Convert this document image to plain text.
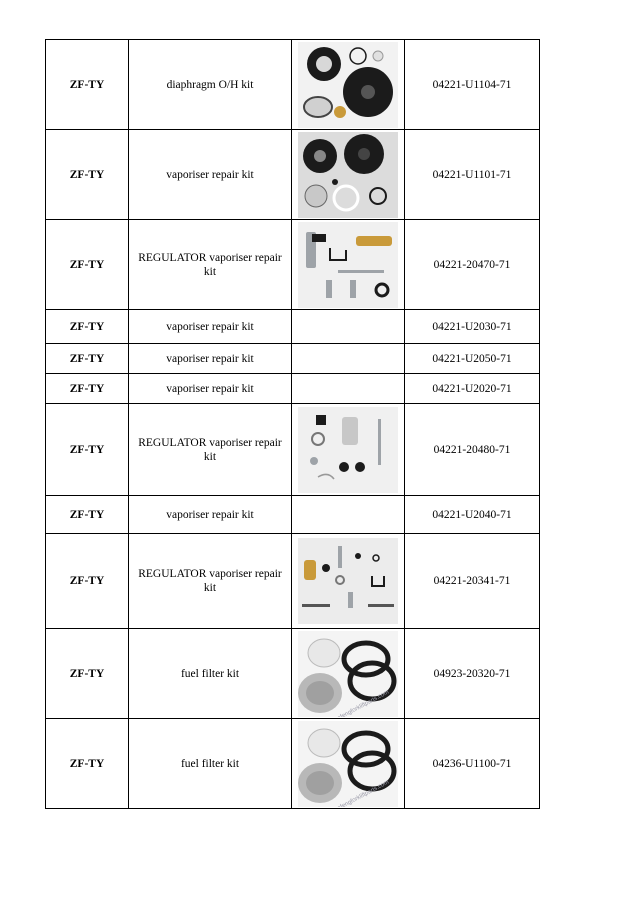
ZF-TY	diaphragm O/H kit		04221-U1104-71
ZF-TY	vaporiser repair kit		04221-U1101-71
ZF-TY	REGULATOR vaporiser repair kit		04221-20470-71
ZF-TY	vaporiser repair kit		04221-U2030-71
ZF-TY	vaporiser repair kit		04221-U2050-71
ZF-TY	vaporiser repair kit		04221-U2020-71
ZF-TY	REGULATOR vaporiser repair kit		04221-20480-71
ZF-TY	vaporiser repair kit		04221-U2040-71
ZF-TY	REGULATOR vaporiser repair kit		04221-20341-71
ZF-TY	fuel filter kit		04923-20320-71
ZF-TY	fuel filter kit		04236-U1100-71
